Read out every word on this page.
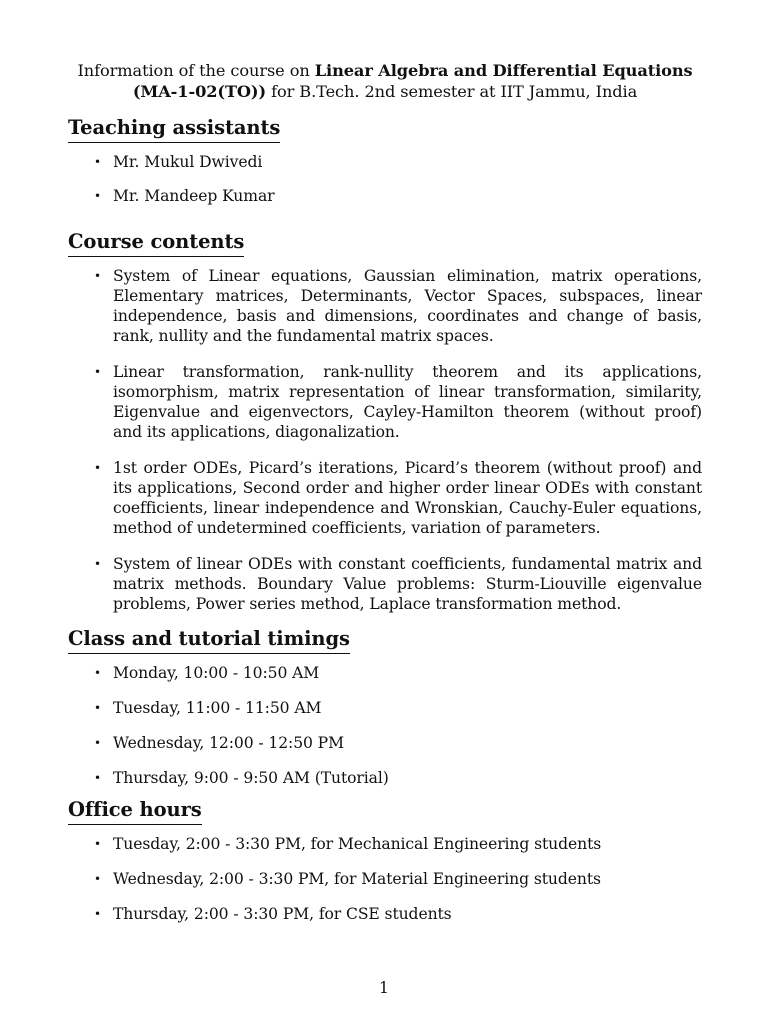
Information of the course on Linear Algebra and Differential Equations
(MA-1-02(TO)) for B.Tech. 2nd semester at IIT Jammu, India
Teaching assistants
• Mr. Mukul Dwivedi
• Mr. Mandeep Kumar
Course contents
• System of Linear equations, Gaussian elimination, matrix operations, Elementary matrices, Determinants, Vector Spaces, subspaces, linear independence, basis and dimensions, coordinates and change of basis, rank, nullity and the fundamental matrix spaces.
• Linear transformation, rank-nullity theorem and its applications, isomorphism, matrix representation of linear transformation, similarity, Eigenvalue and eigenvectors, Cayley-Hamilton theorem (without proof) and its applications, diagonalization.
• 1st order ODEs, Picard’s iterations, Picard’s theorem (without proof) and its applications, Second order and higher order linear ODEs with constant coefficients, linear independence and Wronskian, Cauchy-Euler equations, method of undetermined coefficients, variation of parameters.
• System of linear ODEs with constant coefficients, fundamental matrix and matrix methods. Boundary Value problems: Sturm-Liouville eigenvalue problems, Power series method, Laplace transformation method.
Class and tutorial timings
• Monday, 10:00 - 10:50 AM
• Tuesday, 11:00 - 11:50 AM
• Wednesday, 12:00 - 12:50 PM
• Thursday, 9:00 - 9:50 AM (Tutorial)
Office hours
• Tuesday, 2:00 - 3:30 PM, for Mechanical Engineering students
• Wednesday, 2:00 - 3:30 PM, for Material Engineering students
• Thursday, 2:00 - 3:30 PM, for CSE students
1
